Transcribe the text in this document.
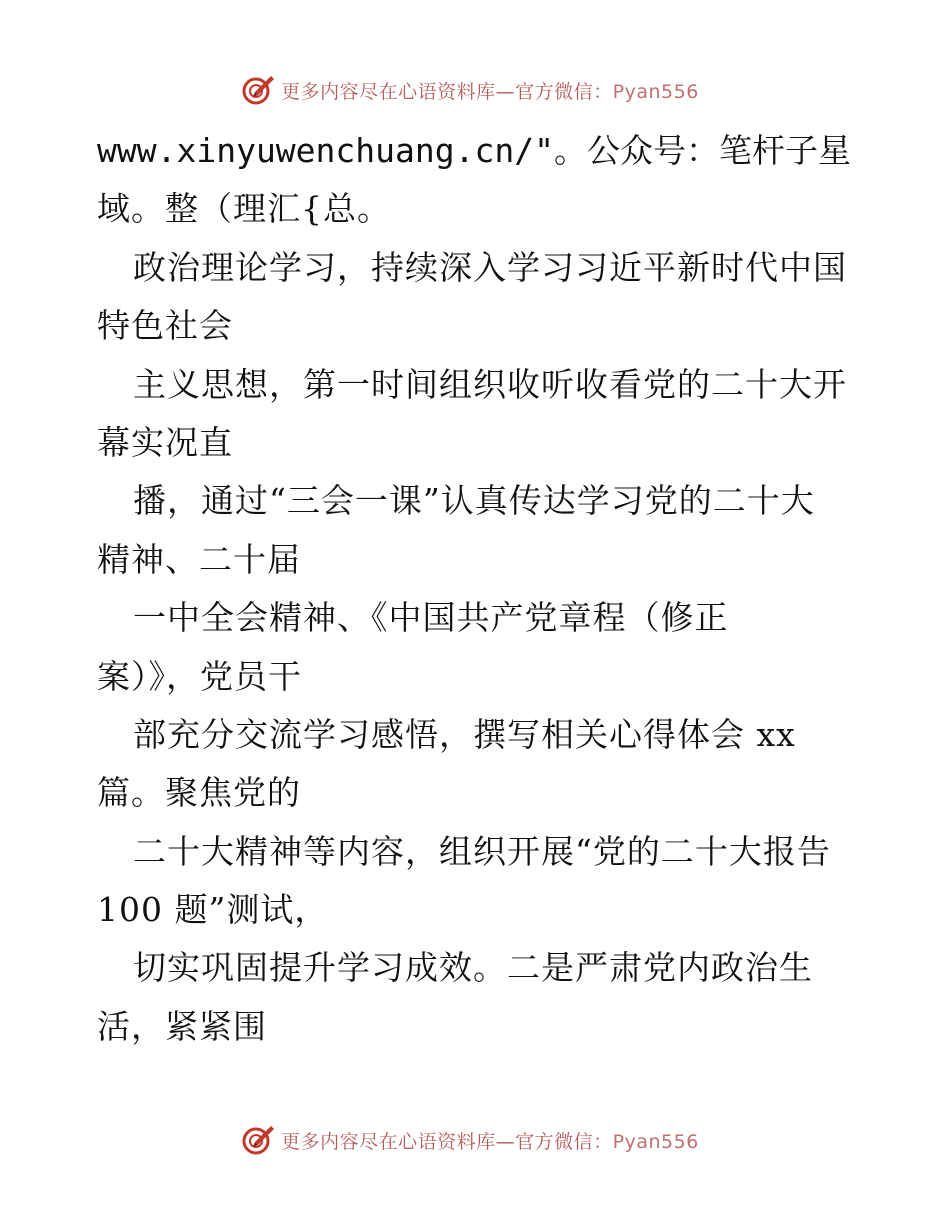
更多内容尽在心语资料库—官方微信：Pyan556
www.xinyuwenchuang.cn/"。公众号：笔杆子星
域。整（理汇{总。
政治理论学习，持续深入学习习近平新时代中国
特色社会
主义思想，第一时间组织收听收看党的二十大开
幕实况直
播，通过“三会一课”认真传达学习党的二十大
精神、二十届
一中全会精神、《中国共产党章程（修正
案）》，党员干
部充分交流学习感悟，撰写相关心得体会 xx
篇。聚焦党的
二十大精神等内容，组织开展“党的二十大报告
100 题”测试，
切实巩固提升学习成效。二是严肃党内政治生
活，紧紧围
更多内容尽在心语资料库—官方微信：Pyan556
